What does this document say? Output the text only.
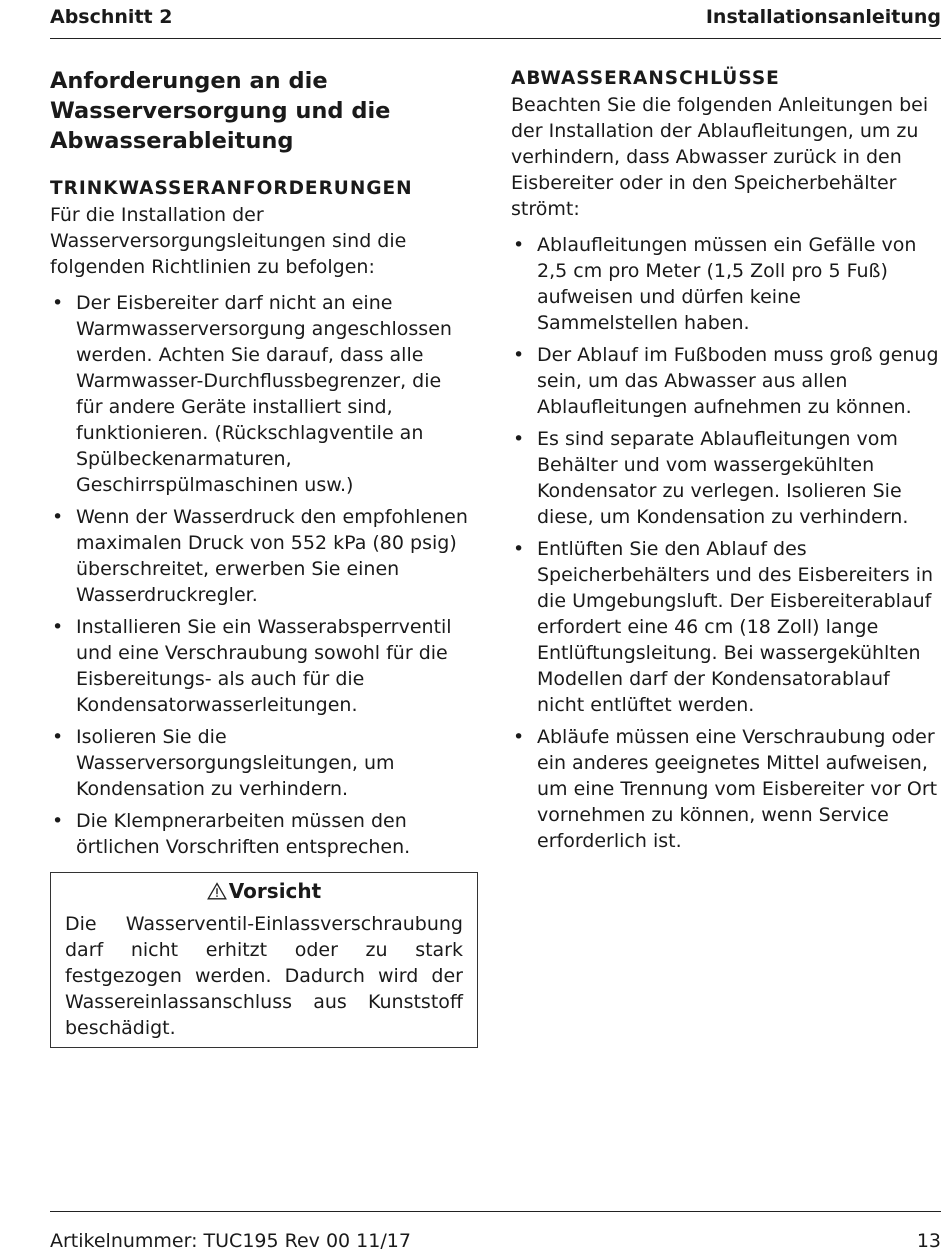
Abschnitt 2	Installationsanleitung
Anforderungen an die Wasserversorgung und die Abwasserableitung
TRINKWASSERANFORDERUNGEN

Für die Installation der Wasserversorgungsleitungen sind die folgenden Richtlinien zu befolgen:

• Der Eisbereiter darf nicht an eine Warmwasserversorgung angeschlossen werden. Achten Sie darauf, dass alle Warmwasser-Durchflussbegrenzer, die für andere Geräte installiert sind, funktionieren. (Rückschlagventile an Spülbeckenarmaturen, Geschirrspülmaschinen usw.)
• Wenn der Wasserdruck den empfohlenen maximalen Druck von 552 kPa (80 psig) überschreitet, erwerben Sie einen Wasserdruckregler.
• Installieren Sie ein Wasserabsperrventil und eine Verschraubung sowohl für die Eisbereitungs- als auch für die Kondensatorwasserleitungen.
• Isolieren Sie die Wasserversorgungsleitungen, um Kondensation zu verhindern.
• Die Klempnerarbeiten müssen den örtlichen Vorschriften entsprechen.
Vorsicht
Die Wasserventil-Einlassverschraubung darf nicht erhitzt oder zu stark festgezogen werden. Dadurch wird der Wassereinlassanschluss aus Kunststoff beschädigt.
ABWASSERANSCHLÜSSE

Beachten Sie die folgenden Anleitungen bei der Installation der Ablaufleitungen, um zu verhindern, dass Abwasser zurück in den Eisbereiter oder in den Speicherbehälter strömt:

• Ablaufleitungen müssen ein Gefälle von 2,5 cm pro Meter (1,5 Zoll pro 5 Fuß) aufweisen und dürfen keine Sammelstellen haben.
• Der Ablauf im Fußboden muss groß genug sein, um das Abwasser aus allen Ablaufleitungen aufnehmen zu können.
• Es sind separate Ablaufleitungen vom Behälter und vom wassergekühlten Kondensator zu verlegen. Isolieren Sie diese, um Kondensation zu verhindern.
• Entlüften Sie den Ablauf des Speicherbehälters und des Eisbereiters in die Umgebungsluft. Der Eisbereiterablauf erfordert eine 46 cm (18 Zoll) lange Entlüftungsleitung. Bei wassergekühlten Modellen darf der Kondensatorablauf nicht entlüftet werden.
• Abläufe müssen eine Verschraubung oder ein anderes geeignetes Mittel aufweisen, um eine Trennung vom Eisbereiter vor Ort vornehmen zu können, wenn Service erforderlich ist.
Artikelnummer: TUC195 Rev 00 11/17	13
